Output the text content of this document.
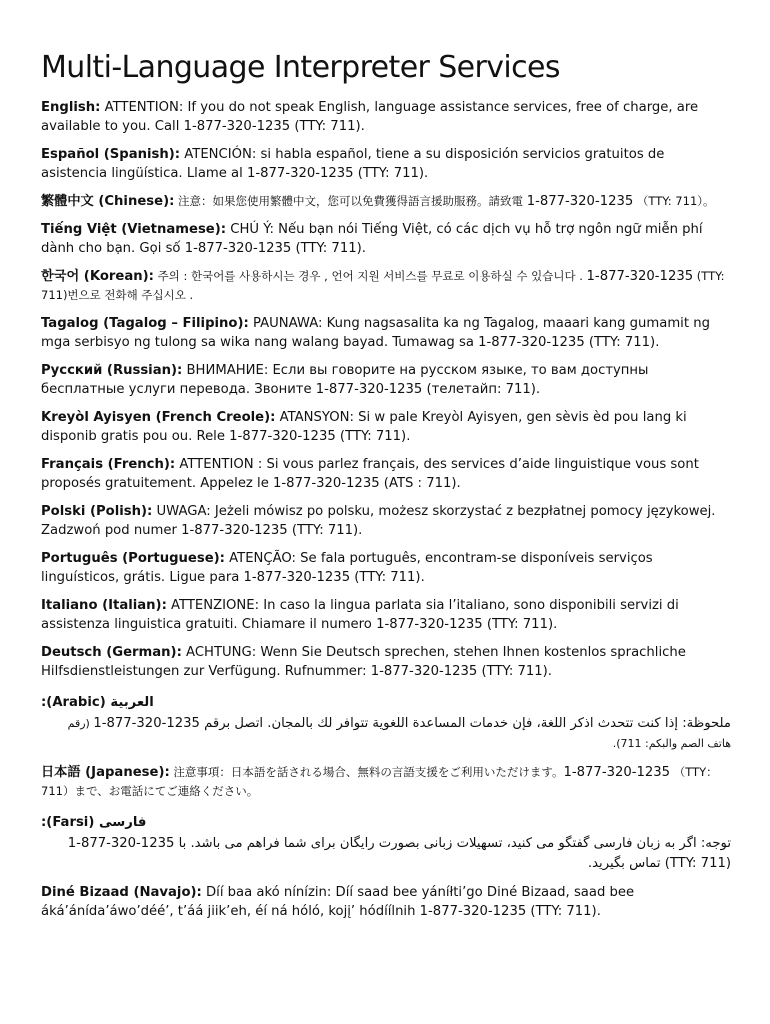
Multi-Language Interpreter Services
English: ATTENTION: If you do not speak English, language assistance services, free of charge, are available to you. Call 1-877-320-1235 (TTY: 711).
Español (Spanish): ATENCIÓN: si habla español, tiene a su disposición servicios gratuitos de asistencia lingüística. Llame al 1-877-320-1235 (TTY: 711).
繁體中文 (Chinese): 注意：如果您使用繁體中文，您可以免費獲得語言援助服務。請致電 1-877-320-1235 （TTY: 711）。
Tiếng Việt (Vietnamese): CHÚ Ý: Nếu bạn nói Tiếng Việt, có các dịch vụ hỗ trợ ngôn ngữ miễn phí dành cho bạn. Gọi số 1-877-320-1235 (TTY: 711).
한국어 (Korean): 주의 : 한국어를 사용하시는 경우 , 언어 지원 서비스를 무료로 이용하실 수 있습니다 . 1-877-320-1235 (TTY: 711)번으로 전화해 주십시오 .
Tagalog (Tagalog – Filipino): PAUNAWA: Kung nagsasalita ka ng Tagalog, maaari kang gumamit ng mga serbisyo ng tulong sa wika nang walang bayad. Tumawag sa 1-877-320-1235 (TTY: 711).
Русский (Russian): ВНИМАНИЕ: Если вы говорите на русском языке, то вам доступны бесплатные услуги перевода. Звоните 1-877-320-1235 (телетайп: 711).
Kreyòl Ayisyen (French Creole): ATANSYON: Si w pale Kreyòl Ayisyen, gen sèvis èd pou lang ki disponib gratis pou ou. Rele 1-877-320-1235 (TTY: 711).
Français (French): ATTENTION : Si vous parlez français, des services d’aide linguistique vous sont proposés gratuitement. Appelez le 1-877-320-1235 (ATS : 711).
Polski (Polish): UWAGA: Jeżeli mówisz po polsku, możesz skorzystać z bezpłatnej pomocy językowej. Zadzwoń pod numer 1-877-320-1235 (TTY: 711).
Português (Portuguese): ATENÇÃO: Se fala português, encontram-se disponíveis serviços linguísticos, grátis. Ligue para 1-877-320-1235 (TTY: 711).
Italiano (Italian): ATTENZIONE: In caso la lingua parlata sia l’italiano, sono disponibili servizi di assistenza linguistica gratuiti. Chiamare il numero 1-877-320-1235 (TTY: 711).
Deutsch (German): ACHTUNG: Wenn Sie Deutsch sprechen, stehen Ihnen kostenlos sprachliche Hilfsdienstleistungen zur Verfügung. Rufnummer: 1-877-320-1235 (TTY: 711).
العربية (Arabic):
ملحوظة: إذا كنت تتحدث اذكر اللغة، فإن خدمات المساعدة اللغوية تتوافر لك بالمجان. اتصل برقم 1-877-320-1235 (رقم هاتف الصم والبكم: 711).
日本語 (Japanese): 注意事項：日本語を話される場合、無料の言語支援をご利用いただけます。1-877-320-1235 （TTY：711）まで、お電話にてご連絡ください。
فارسی (Farsi):
توجه: اگر به زبان فارسی گفتگو می کنید، تسهیلات زبانی بصورت رایگان برای شما فراهم می باشد. با 1-877-320-1235 (TTY: 711) تماس بگیرید.
Diné Bizaad (Navajo): Díí baa akó nínízin: Díí saad bee yáníłti’go Diné Bizaad, saad bee áká’ánída’áwo’déé’, t’áá jiik’eh, éí ná hóló, kojį’ hódíílnih 1-877-320-1235 (TTY: 711).
